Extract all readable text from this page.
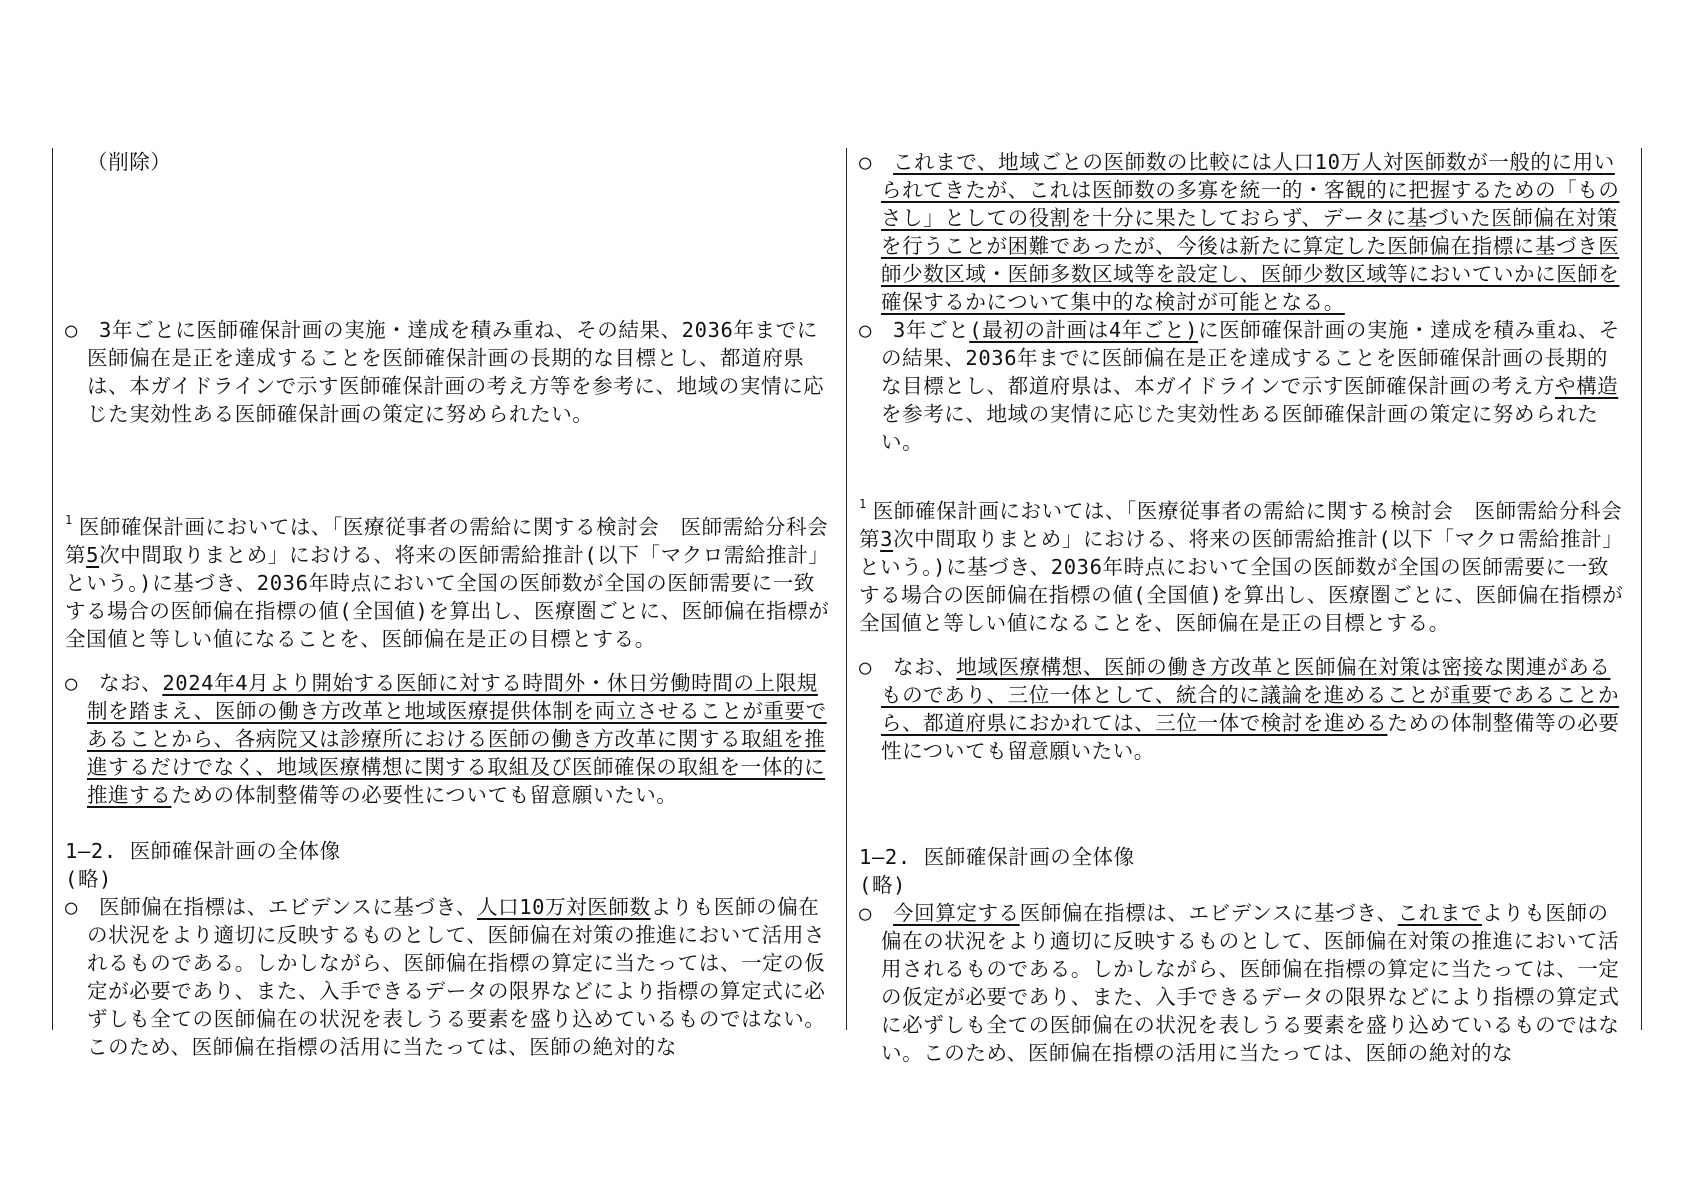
（削除）

○　3年ごとに医師確保計画の実施・達成を積み重ね、その結果、2036年までに医師偏在是正を達成することを医師確保計画の長期的な目標とし、都道府県は、本ガイドラインで示す医師確保計画の考え方等を参考に、地域の実情に応じた実効性ある医師確保計画の策定に努められたい。

$^1$ 医師確保計画においては、「医療従事者の需給に関する検討会　医師需給分科会　第5次中間取りまとめ」における、将来の医師需給推計(以下「マクロ需給推計」という。)に基づき、2036年時点において全国の医師数が全国の医師需要に一致する場合の医師偏在指標の値(全国値)を算出し、医療圏ごとに、医師偏在指標が全国値と等しい値になることを、医師偏在是正の目標とする。

○　なお、2024年4月より開始する医師に対する時間外・休日労働時間の上限規制を踏まえ、医師の働き方改革と地域医療提供体制を両立させることが重要であることから、各病院又は診療所における医師の働き方改革に関する取組を推進するだけでなく、地域医療構想に関する取組及び医師確保の取組を一体的に推進するための体制整備等の必要性についても留意願いたい。

1―2. 医師確保計画の全体像

(略)

○　医師偏在指標は、エビデンスに基づき、人口10万対医師数よりも医師の偏在の状況をより適切に反映するものとして、医師偏在対策の推進において活用されるものである。しかしながら、医師偏在指標の算定に当たっては、一定の仮定が必要であり、また、入手できるデータの限界などにより指標の算定式に必ずしも全ての医師偏在の状況を表しうる要素を盛り込めているものではない。このため、医師偏在指標の活用に当たっては、医師の絶対的な

○　これまで、地域ごとの医師数の比較には人口10万人対医師数が一般的に用いられてきたが、これは医師数の多寡を統一的・客観的に把握するための「ものさし」としての役割を十分に果たしておらず、データに基づいた医師偏在対策を行うことが困難であったが、今後は新たに算定した医師偏在指標に基づき医師少数区域・医師多数区域等を設定し、医師少数区域等においていかに医師を確保するかについて集中的な検討が可能となる。

○　3年ごと(最初の計画は4年ごと)に医師確保計画の実施・達成を積み重ね、その結果、2036年までに医師偏在是正を達成することを医師確保計画の長期的な目標とし、都道府県は、本ガイドラインで示す医師確保計画の考え方や構造を参考に、地域の実情に応じた実効性ある医師確保計画の策定に努められたい。

$^1$ 医師確保計画においては、「医療従事者の需給に関する検討会　医師需給分科会　第3次中間取りまとめ」における、将来の医師需給推計(以下「マクロ需給推計」という。)に基づき、2036年時点において全国の医師数が全国の医師需要に一致する場合の医師偏在指標の値(全国値)を算出し、医療圏ごとに、医師偏在指標が全国値と等しい値になることを、医師偏在是正の目標とする。

○　なお、地域医療構想、医師の働き方改革と医師偏在対策は密接な関連があるものであり、三位一体として、統合的に議論を進めることが重要であることから、都道府県におかれては、三位一体で検討を進めるための体制整備等の必要性についても留意願いたい。

1―2. 医師確保計画の全体像

(略)

○　今回算定する医師偏在指標は、エビデンスに基づき、これまでよりも医師の偏在の状況をより適切に反映するものとして、医師偏在対策の推進において活用されるものである。しかしながら、医師偏在指標の算定に当たっては、一定の仮定が必要であり、また、入手できるデータの限界などにより指標の算定式に必ずしも全ての医師偏在の状況を表しうる要素を盛り込めているものではない。このため、医師偏在指標の活用に当たっては、医師の絶対的な
